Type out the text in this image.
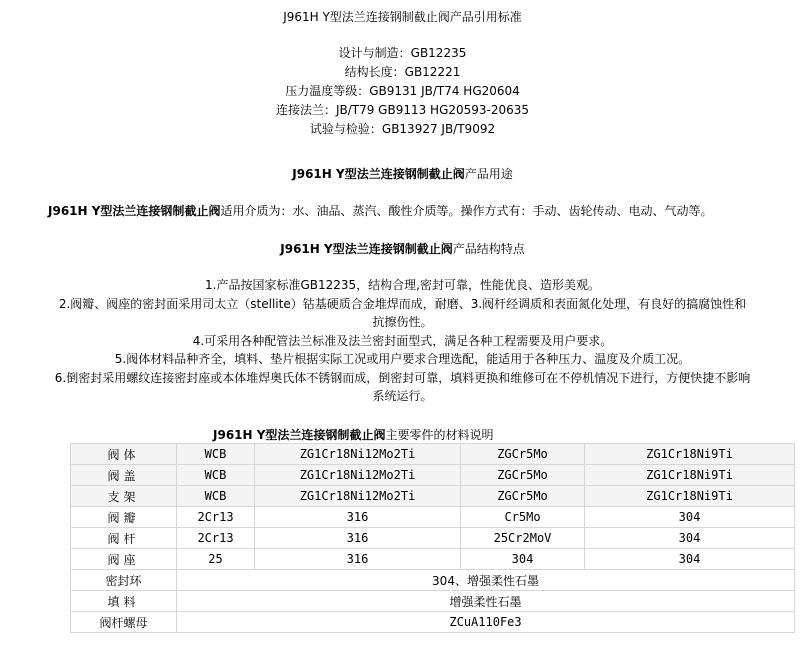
J961H Y型法兰连接钢制截止阀产品引用标准
设计与制造：GB12235
结构长度：GB12221
压力温度等级：GB9131 JB/T74 HG20604
连接法兰：JB/T79 GB9113 HG20593-20635
试验与检验：GB13927 JB/T9092
J961H Y型法兰连接钢制截止阀产品用途
J961H Y型法兰连接钢制截止阀适用介质为：水、油品、蒸汽、酸性介质等。操作方式有：手动、齿轮传动、电动、气动等。
J961H Y型法兰连接钢制截止阀产品结构特点
1.产品按国家标准GB12235，结构合理,密封可靠，性能优良、造形美观。
2.阀瓣、阀座的密封面采用司太立（stellite）钴基硬质合金堆焊而成，耐磨、3.阀杆经调质和表面氮化处理，有良好的搞腐蚀性和
抗擦伤性。
4.可采用各种配管法兰标准及法兰密封面型式，满足各种工程需要及用户要求。
5.阀体材料品种齐全，填料、垫片根据实际工况或用户要求合理选配，能适用于各种压力、温度及介质工况。
6.倒密封采用螺纹连接密封座或本体堆焊奥氏体不锈钢而成，倒密封可靠，填料更换和维修可在不停机情况下进行，方便快捷不影响
系统运行。
J961H Y型法兰连接钢制截止阀主要零件的材料说明
阀体	WCB	ZG1Cr18Ni12Mo2Ti	ZGCr5Mo	ZG1Cr18Ni9Ti
阀盖	WCB	ZG1Cr18Ni12Mo2Ti	ZGCr5Mo	ZG1Cr18Ni9Ti
支架	WCB	ZG1Cr18Ni12Mo2Ti	ZGCr5Mo	ZG1Cr18Ni9Ti
阀瓣	2Cr13	316	Cr5Mo	304
阀杆	2Cr13	316	25Cr2MoV	304
阀座	25	316	304	304
密封环	304、增强柔性石墨			
填料	增强柔性石墨			
阀杆螺母	ZCuA110Fe3			
